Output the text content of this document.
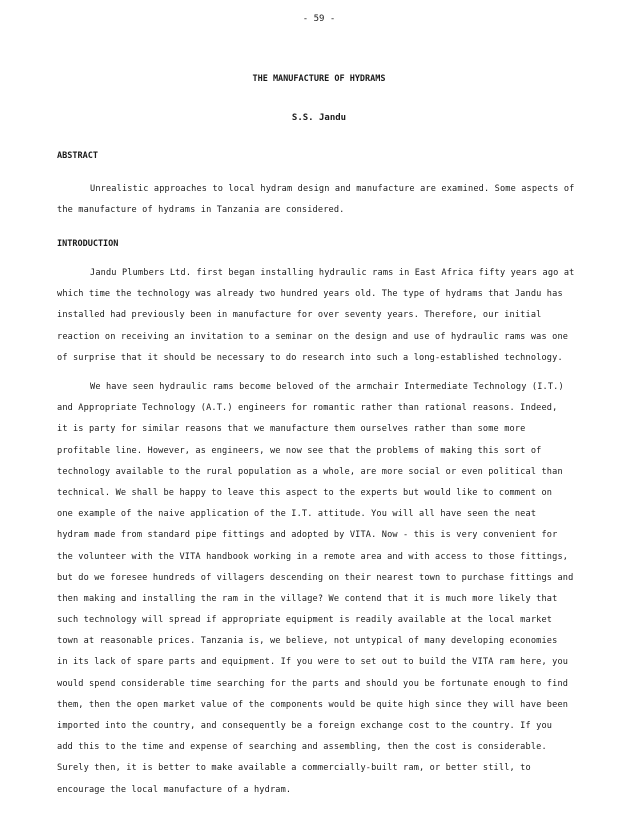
- 59 -
THE MANUFACTURE OF HYDRAMS
S.S. Jandu
ABSTRACT
Unrealistic approaches to local hydram design and manufacture are examined. Some aspects of
the manufacture of hydrams in Tanzania are considered.
INTRODUCTION
Jandu Plumbers Ltd. first began installing hydraulic rams in East Africa fifty years ago at
which time the technology was already two hundred years old. The type of hydrams that Jandu has
installed had previously been in manufacture for over seventy years. Therefore, our initial
reaction on receiving an invitation to a seminar on the design and use of hydraulic rams was one
of surprise that it should be necessary to do research into such a long-established technology.
We have seen hydraulic rams become beloved of the armchair Intermediate Technology (I.T.)
and Appropriate Technology (A.T.) engineers for romantic rather than rational reasons. Indeed,
it is party for similar reasons that we manufacture them ourselves rather than some more
profitable line. However, as engineers, we now see that the problems of making this sort of
technology available to the rural population as a whole, are more social or even political than
technical. We shall be happy to leave this aspect to the experts but would like to comment on
one example of the naive application of the I.T. attitude. You will all have seen the neat
hydram made from standard pipe fittings and adopted by VITA. Now - this is very convenient for
the volunteer with the VITA handbook working in a remote area and with access to those fittings,
but do we foresee hundreds of villagers descending on their nearest town to purchase fittings and
then making and installing the ram in the village? We contend that it is much more likely that
such technology will spread if appropriate equipment is readily available at the local market
town at reasonable prices. Tanzania is, we believe, not untypical of many developing economies
in its lack of spare parts and equipment. If you were to set out to build the VITA ram here, you
would spend considerable time searching for the parts and should you be fortunate enough to find
them, then the open market value of the components would be quite high since they will have been
imported into the country, and consequently be a foreign exchange cost to the country. If you
add this to the time and expense of searching and assembling, then the cost is considerable.
Surely then, it is better to make available a commercially-built ram, or better still, to
encourage the local manufacture of a hydram.
